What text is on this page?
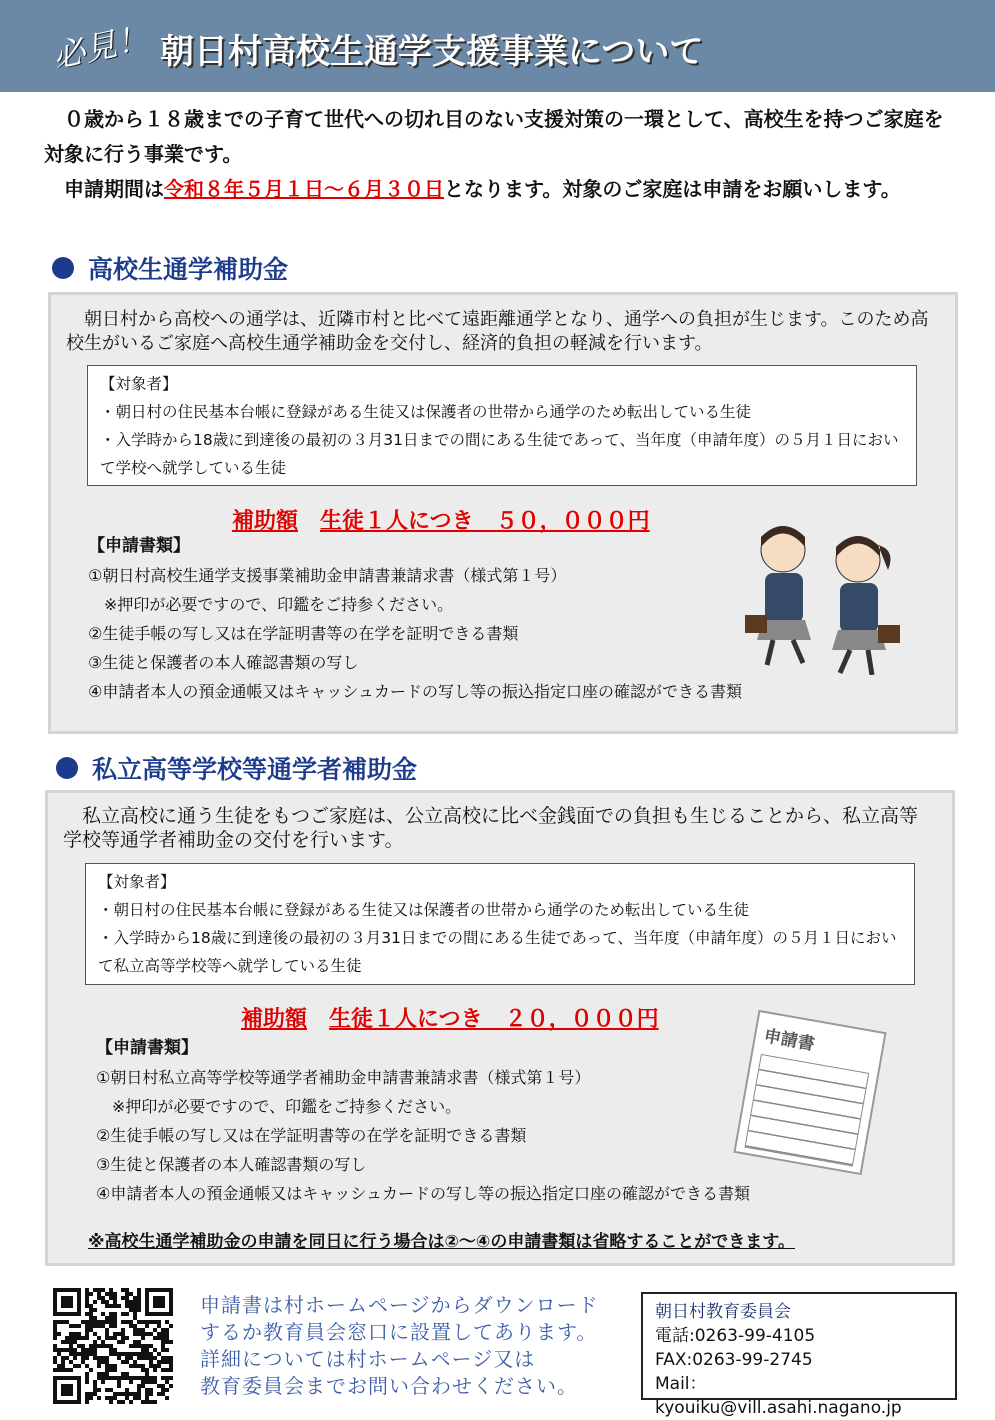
必見！ 朝日村高校生通学支援事業について
　０歳から１８歳までの子育て世代への切れ目のない支援対策の一環として、高校生を持つご家庭を対象に行う事業です。
　申請期間は令和８年５月１日～６月３０日となります。対象のご家庭は申請をお願いします。
高校生通学補助金
　朝日村から高校への通学は、近隣市村と比べて遠距離通学となり、通学への負担が生じます。このため高校生がいるご家庭へ高校生通学補助金を交付し、経済的負担の軽減を行います。
【対象者】
・朝日村の住民基本台帳に登録がある生徒又は保護者の世帯から通学のため転出している生徒
・入学時から18歳に到達後の最初の３月31日までの間にある生徒であって、当年度（申請年度）の５月１日において学校へ就学している生徒
補助額　 生徒１人につき　５０，０００円
【申請書類】
①朝日村高校生通学支援事業補助金申請書兼請求書（様式第１号）
　※押印が必要ですので、印鑑をご持参ください。
②生徒手帳の写し又は在学証明書等の在学を証明できる書類
③生徒と保護者の本人確認書類の写し
④申請者本人の預金通帳又はキャッシュカードの写し等の振込指定口座の確認ができる書類
私立高等学校等通学者補助金
　私立高校に通う生徒をもつご家庭は、公立高校に比べ金銭面での負担も生じることから、私立高等学校等通学者補助金の交付を行います。
【対象者】
・朝日村の住民基本台帳に登録がある生徒又は保護者の世帯から通学のため転出している生徒
・入学時から18歳に到達後の最初の３月31日までの間にある生徒であって、当年度（申請年度）の５月１日において私立高等学校等へ就学している生徒
補助額　 生徒１人につき　２０，０００円
【申請書類】
①朝日村私立高等学校等通学者補助金申請書兼請求書（様式第１号）
　※押印が必要ですので、印鑑をご持参ください。
②生徒手帳の写し又は在学証明書等の在学を証明できる書類
③生徒と保護者の本人確認書類の写し
④申請者本人の預金通帳又はキャッシュカードの写し等の振込指定口座の確認ができる書類
申請書
※高校生通学補助金の申請を同日に行う場合は②～④の申請書類は省略することができます。
申請書は村ホームページからダウンロード
するか教育員会窓口に設置してあります。
詳細については村ホームページ又は
教育委員会までお問い合わせください。
朝日村教育委員会
電話:0263-99-4105
FAX:0263-99-2745
Mail：kyouiku@vill.asahi.nagano.jp
